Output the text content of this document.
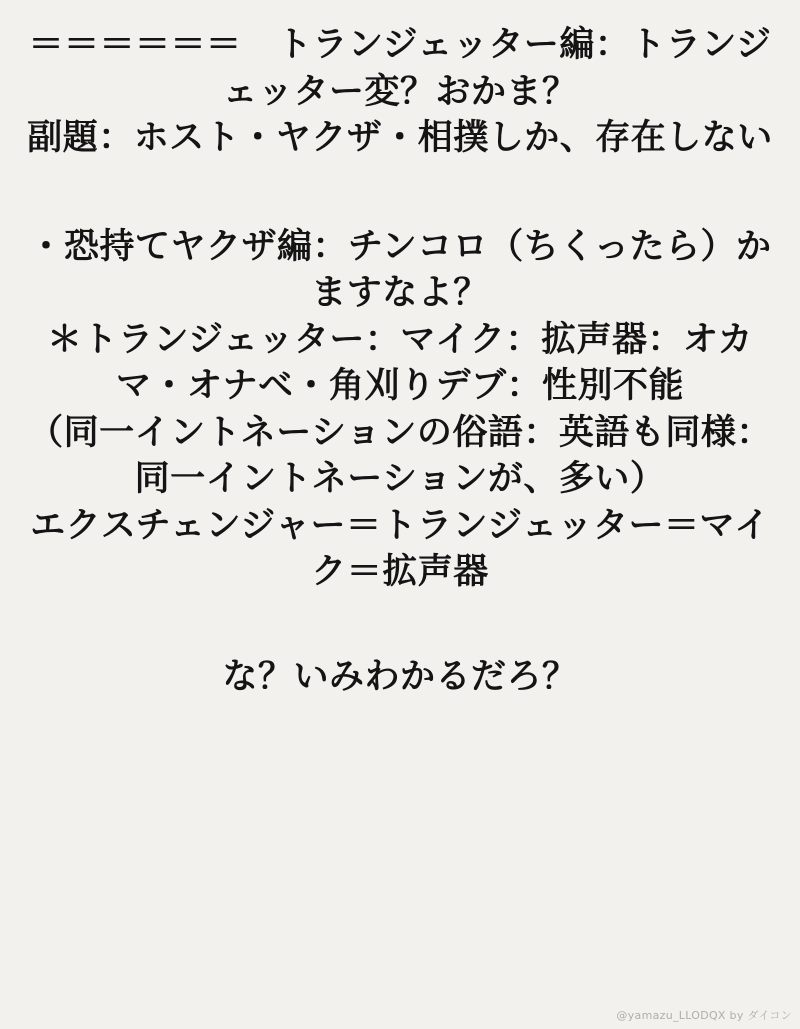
＝＝＝＝＝＝　トランジェッター編：トランジェッター変？おかま？

副題：ホスト・ヤクザ・相撲しか、存在しない

・恐持てヤクザ編：チンコロ（ちくったら）かますなよ？

＊トランジェッター：マイク：拡声器：オカマ・オナベ・角刈りデブ：性別不能

（同一イントネーションの俗語：英語も同様：同一イントネーションが、多い）

エクスチェンジャー＝トランジェッター＝マイク＝拡声器

な？いみわかるだろ？

@yamazu_LLODQX by ダイコン
